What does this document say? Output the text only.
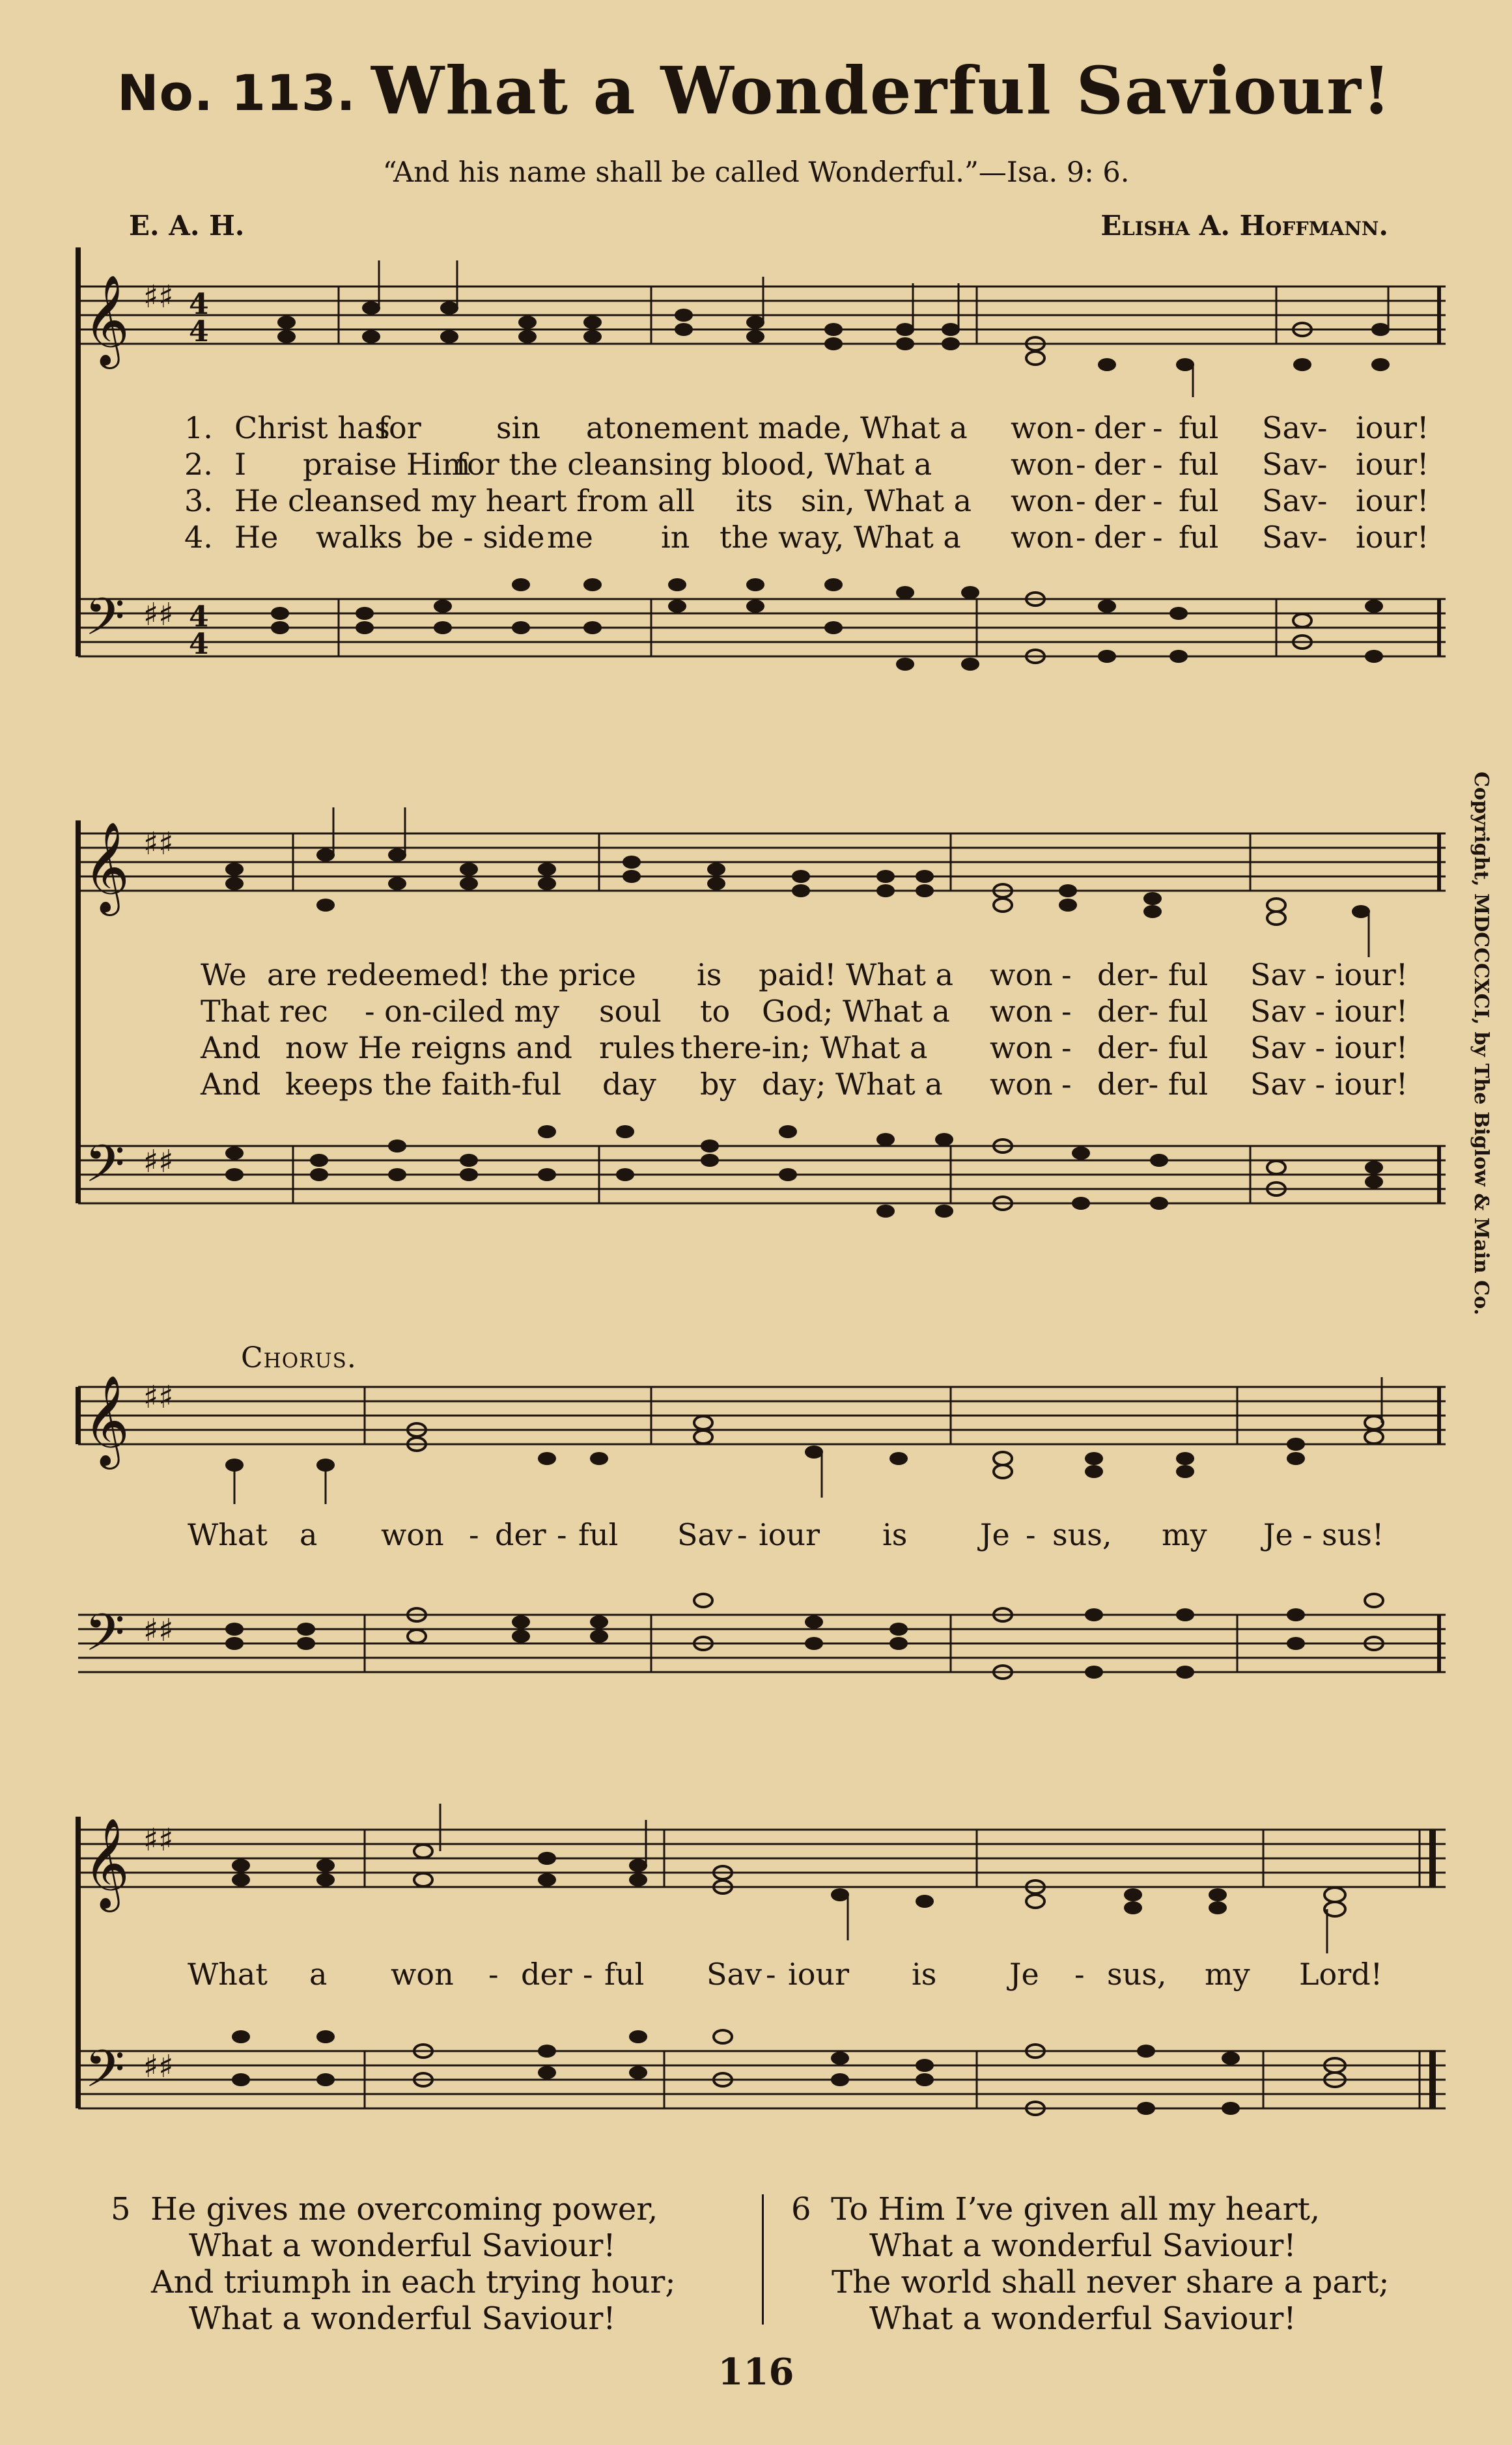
No. 113. What a Wonderful Saviour!
“And his name shall be called Wonderful.”—Isa. 9: 6.
E. A. H.	Elisha A. Hoffmann.
𝄞 ♯♯ 4
4
1. Christ has
for	sin atonement made, What a won - der - ful Sav- iour!
2. I praise Him
for the cleansing blood, What a	won - der - ful Sav- iour!
3. He cleansed my heart from all its sin, What a won - der - ful Sav- iour!
4. He walks be - side me in the way, What a won - der - ful Sav- iour!
𝄢 ♯♯ 4
4
𝄞 ♯♯
We are redeemed! the price is paid! What a won - der- ful Sav - iour!
That rec - on-ciled my soul to God; What a won - der- ful Sav - iour!
And now He reigns and rules there-in; What a won - der- ful Sav - iour!
And keeps the faith-ful day by day; What a won - der- ful Sav - iour!
𝄢 ♯♯
Chorus.
𝄞 ♯♯
What a won - der - ful Sav - iour is Je - sus, my Je - sus!
𝄢 ♯♯
𝄞 ♯♯
What a won - der - ful Sav - iour is Je - sus, my Lord!
𝄢 ♯♯
Copyright, MDCCCXCI, by The Biglow & Main Co.
5 He gives me overcoming power,
What a wonderful Saviour!
And triumph in each trying hour;
What a wonderful Saviour!
6 To Him I’ve given all my heart,
What a wonderful Saviour!
The world shall never share a part;
What a wonderful Saviour!
116
